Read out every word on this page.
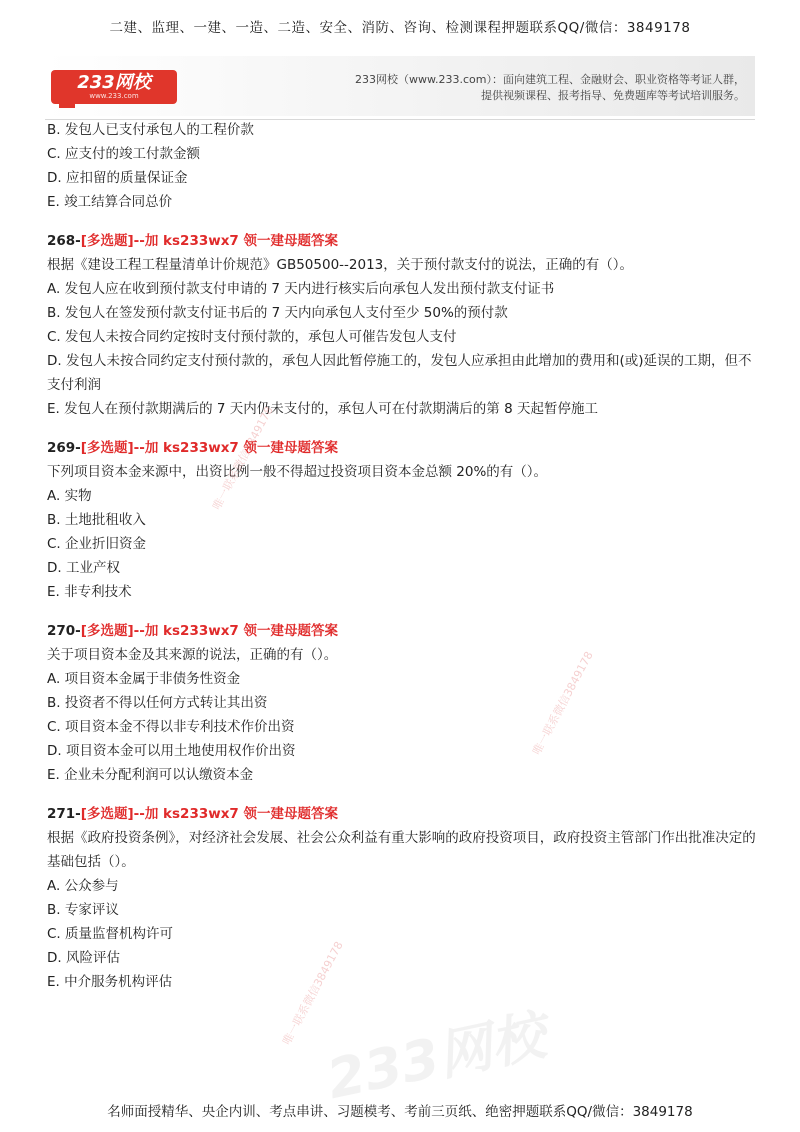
二建、监理、一建、一造、二造、安全、消防、咨询、检测课程押题联系QQ/微信：3849178
233网校
www.233.com
233网校（www.233.com）：面向建筑工程、金融财会、职业资格等考证人群，
提供视频课程、报考指导、免费题库等考试培训服务。

B. 发包人已支付承包人的工程价款

C. 应支付的竣工付款金额

D. 应扣留的质量保证金

E. 竣工结算合同总价

268-[多选题]--加 ks233wx7 领一建母题答案

根据《建设工程工程量清单计价规范》GB50500--2013，关于预付款支付的说法，正确的有（）。

A. 发包人应在收到预付款支付申请的 7 天内进行核实后向承包人发出预付款支付证书

B. 发包人在签发预付款支付证书后的 7 天内向承包人支付至少 50%的预付款

C. 发包人未按合同约定按时支付预付款的，承包人可催告发包人支付

D. 发包人未按合同约定支付预付款的，承包人因此暂停施工的，发包人应承担由此增加的费用和(或)延误的工期，但不支付利润

E. 发包人在预付款期满后的 7 天内仍未支付的，承包人可在付款期满后的第 8 天起暂停施工

269-[多选题]--加 ks233wx7 领一建母题答案

下列项目资本金来源中，出资比例一般不得超过投资项目资本金总额 20%的有（）。

A. 实物

B. 土地批租收入

C. 企业折旧资金

D. 工业产权

E. 非专利技术

270-[多选题]--加 ks233wx7 领一建母题答案

关于项目资本金及其来源的说法，正确的有（）。

A. 项目资本金属于非债务性资金

B. 投资者不得以任何方式转让其出资

C. 项目资本金不得以非专利技术作价出资

D. 项目资本金可以用土地使用权作价出资

E. 企业未分配利润可以认缴资本金

271-[多选题]--加 ks233wx7 领一建母题答案

根据《政府投资条例》，对经济社会发展、社会公众利益有重大影响的政府投资项目，政府投资主管部门作出批准决定的基础包括（）。

A. 公众参与

B. 专家评议

C. 质量监督机构许可

D. 风险评估

E. 中介服务机构评估

唯一联系微信3849178
唯一联系微信3849178
唯一联系微信3849178
233网校
名师面授精华、央企内训、考点串讲、习题模考、考前三页纸、绝密押题联系QQ/微信：3849178
